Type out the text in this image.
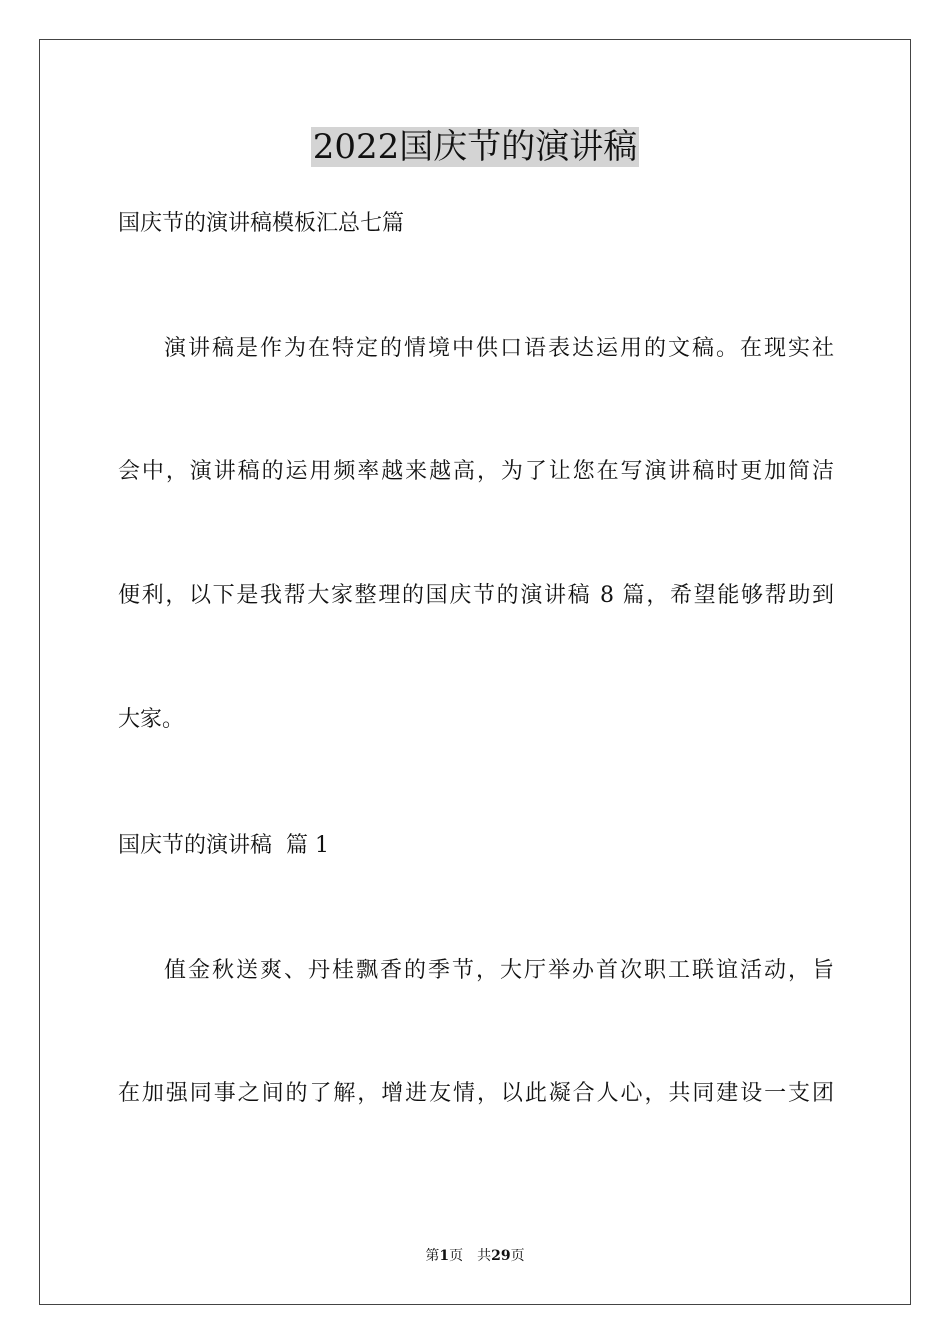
2022国庆节的演讲稿

国庆节的演讲稿模板汇总七篇

演讲稿是作为在特定的情境中供口语表达运用的文稿。在现实社

会中，演讲稿的运用频率越来越高，为了让您在写演讲稿时更加简洁

便利，以下是我帮大家整理的国庆节的演讲稿 8 篇，希望能够帮助到

大家。

国庆节的演讲稿  篇 1

值金秋送爽、丹桂飘香的季节，大厅举办首次职工联谊活动，旨

在加强同事之间的了解，增进友情，以此凝合人心，共同建设一支团

第1页 共29页
